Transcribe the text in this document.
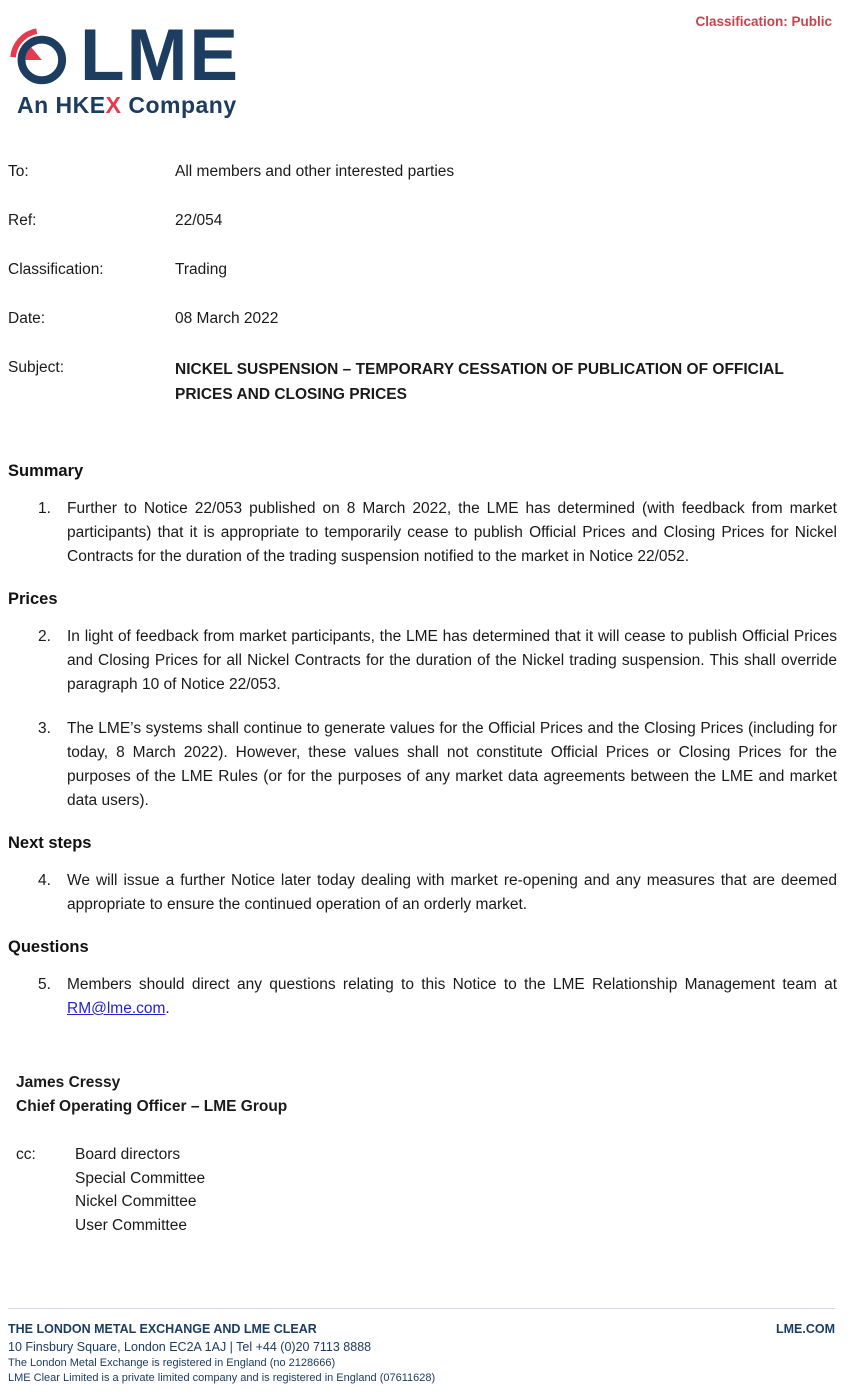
Classification: Public
LME
An HKEX Company
To:	All members and other interested parties
Ref:	22/054
Classification:	Trading
Date:	08 March 2022
Subject:	NICKEL SUSPENSION – TEMPORARY CESSATION OF PUBLICATION OF OFFICIAL PRICES AND CLOSING PRICES
Summary
1.	Further to Notice 22/053 published on 8 March 2022, the LME has determined (with feedback from market participants) that it is appropriate to temporarily cease to publish Official Prices and Closing Prices for Nickel Contracts for the duration of the trading suspension notified to the market in Notice 22/052.
Prices
2.	In light of feedback from market participants, the LME has determined that it will cease to publish Official Prices and Closing Prices for all Nickel Contracts for the duration of the Nickel trading suspension. This shall override paragraph 10 of Notice 22/053.
3.	The LME’s systems shall continue to generate values for the Official Prices and the Closing Prices (including for today, 8 March 2022). However, these values shall not constitute Official Prices or Closing Prices for the purposes of the LME Rules (or for the purposes of any market data agreements between the LME and market data users).
Next steps
4.	We will issue a further Notice later today dealing with market re-opening and any measures that are deemed appropriate to ensure the continued operation of an orderly market.
Questions
5.	Members should direct any questions relating to this Notice to the LME Relationship Management team at RM@lme.com.
James Cressy
Chief Operating Officer – LME Group
cc:	Board directors
Special Committee
Nickel Committee
User Committee
THE LONDON METAL EXCHANGE AND LME CLEAR	LME.COM
10 Finsbury Square, London EC2A 1AJ | Tel +44 (0)20 7113 8888
The London Metal Exchange is registered in England (no 2128666)
LME Clear Limited is a private limited company and is registered in England (07611628)
